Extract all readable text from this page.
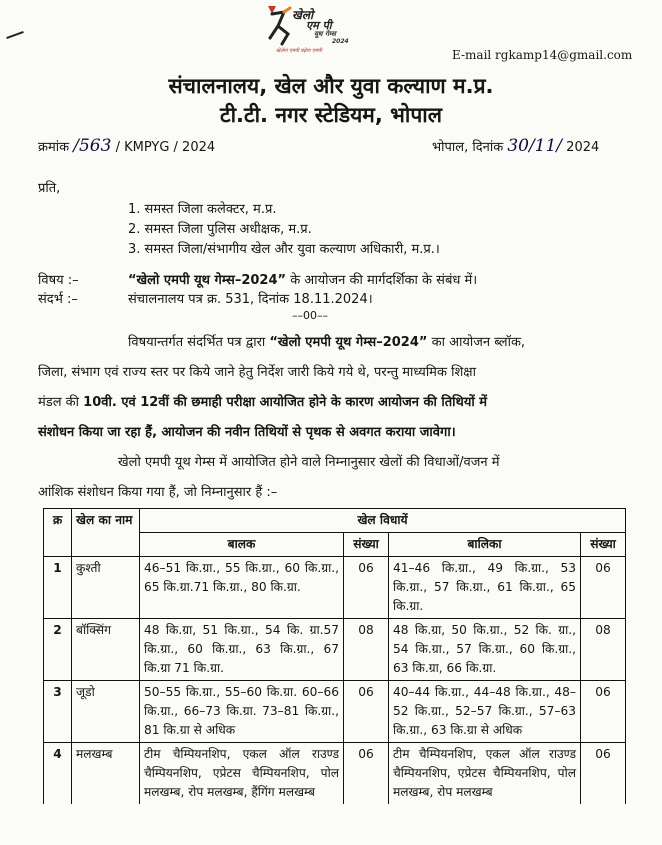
खेलो
एम पी
यूथ गेम्स
2024
खेलेगा एमपी बढ़ेगा एमपी	E-mail rgkamp14@gmail.com
संचालनालय, खेल और युवा कल्याण म.प्र.
टी.टी. नगर स्टेडियम, भोपाल
क्रमांक /563 / KMPYG / 2024	भोपाल, दिनांक 30/11/ 2024
प्रति,
1. समस्त जिला कलेक्टर, म.प्र.
2. समस्त जिला पुलिस अधीक्षक, म.प्र.
3. समस्त जिला/संभागीय खेल और युवा कल्याण अधिकारी, म.प्र.।
विषय :–	“खेलो एमपी यूथ गेम्स–2024” के आयोजन की मार्गदर्शिका के संबंध में।
संदर्भ :–	संचालनालय पत्र क्र. 531, दिनांक 18.11.2024।
––00––
विषयान्तर्गत संदर्भित पत्र द्वारा “खेलो एमपी यूथ गेम्स–2024” का आयोजन ब्लॉक,
जिला, संभाग एवं राज्य स्तर पर किये जाने हेतु निर्देश जारी किये गये थे, परन्तु माध्यमिक शिक्षा
मंडल की 10वी. एवं 12वीं की छमाही परीक्षा आयोजित होने के कारण आयोजन की तिथियों में
संशोधन किया जा रहा हैं, आयोजन की नवीन तिथियों से पृथक से अवगत कराया जावेगा।
खेलो एमपी यूथ गेम्स में आयोजित होने वाले निम्नानुसार खेलों की विधाओं/वजन में
आंशिक संशोधन किया गया हैं, जो निम्नानुसार हैं :–
क्र	खेल का नाम	खेल विधायें			
		बालक	संख्या	बालिका	संख्या
1	कुश्ती	46–51 कि.ग्रा., 55 कि.ग्रा., 60 कि.ग्रा., 65 कि.ग्रा.71 कि.ग्रा., 80 कि.ग्रा.	06	41–46 कि.ग्रा., 49 कि.ग्रा., 53 कि.ग्रा., 57 कि.ग्रा., 61 कि.ग्रा., 65 कि.ग्रा.	06
2	बॉक्सिंग	48 कि.ग्रा, 51 कि.ग्रा., 54 कि. ग्रा.57 कि.ग्रा., 60 कि.ग्रा., 63 कि.ग्रा., 67 कि.ग्रा 71 कि.ग्रा.	08	48 कि.ग्रा, 50 कि.ग्रा., 52 कि. ग्रा., 54 कि.ग्रा., 57 कि.ग्रा., 60 कि.ग्रा., 63 कि.ग्रा, 66 कि.ग्रा.	08
3	जूडो	50–55 कि.ग्रा., 55–60 कि.ग्रा. 60–66 कि.ग्रा., 66–73 कि.ग्रा. 73–81 कि.ग्रा., 81 कि.ग्रा से अधिक	06	40–44 कि.ग्रा., 44–48 कि.ग्रा., 48–52 कि.ग्रा., 52–57 कि.ग्रा., 57–63 कि.ग्रा., 63 कि.ग्रा से अधिक	06
4	मलखम्ब	टीम चैम्पियनशिप, एकल ऑल राउण्ड चैम्पियनशिप, एप्रेटस चैम्पियनशिप, पोल मलखम्ब, रोप मलखम्ब, हैंगिंग मलखम्ब	06	टीम चैम्पियनशिप, एकल ऑल राउण्ड चैम्पियनशिप, एप्रेटस चैम्पियनशिप, पोल मलखम्ब, रोप मलखम्ब	06
